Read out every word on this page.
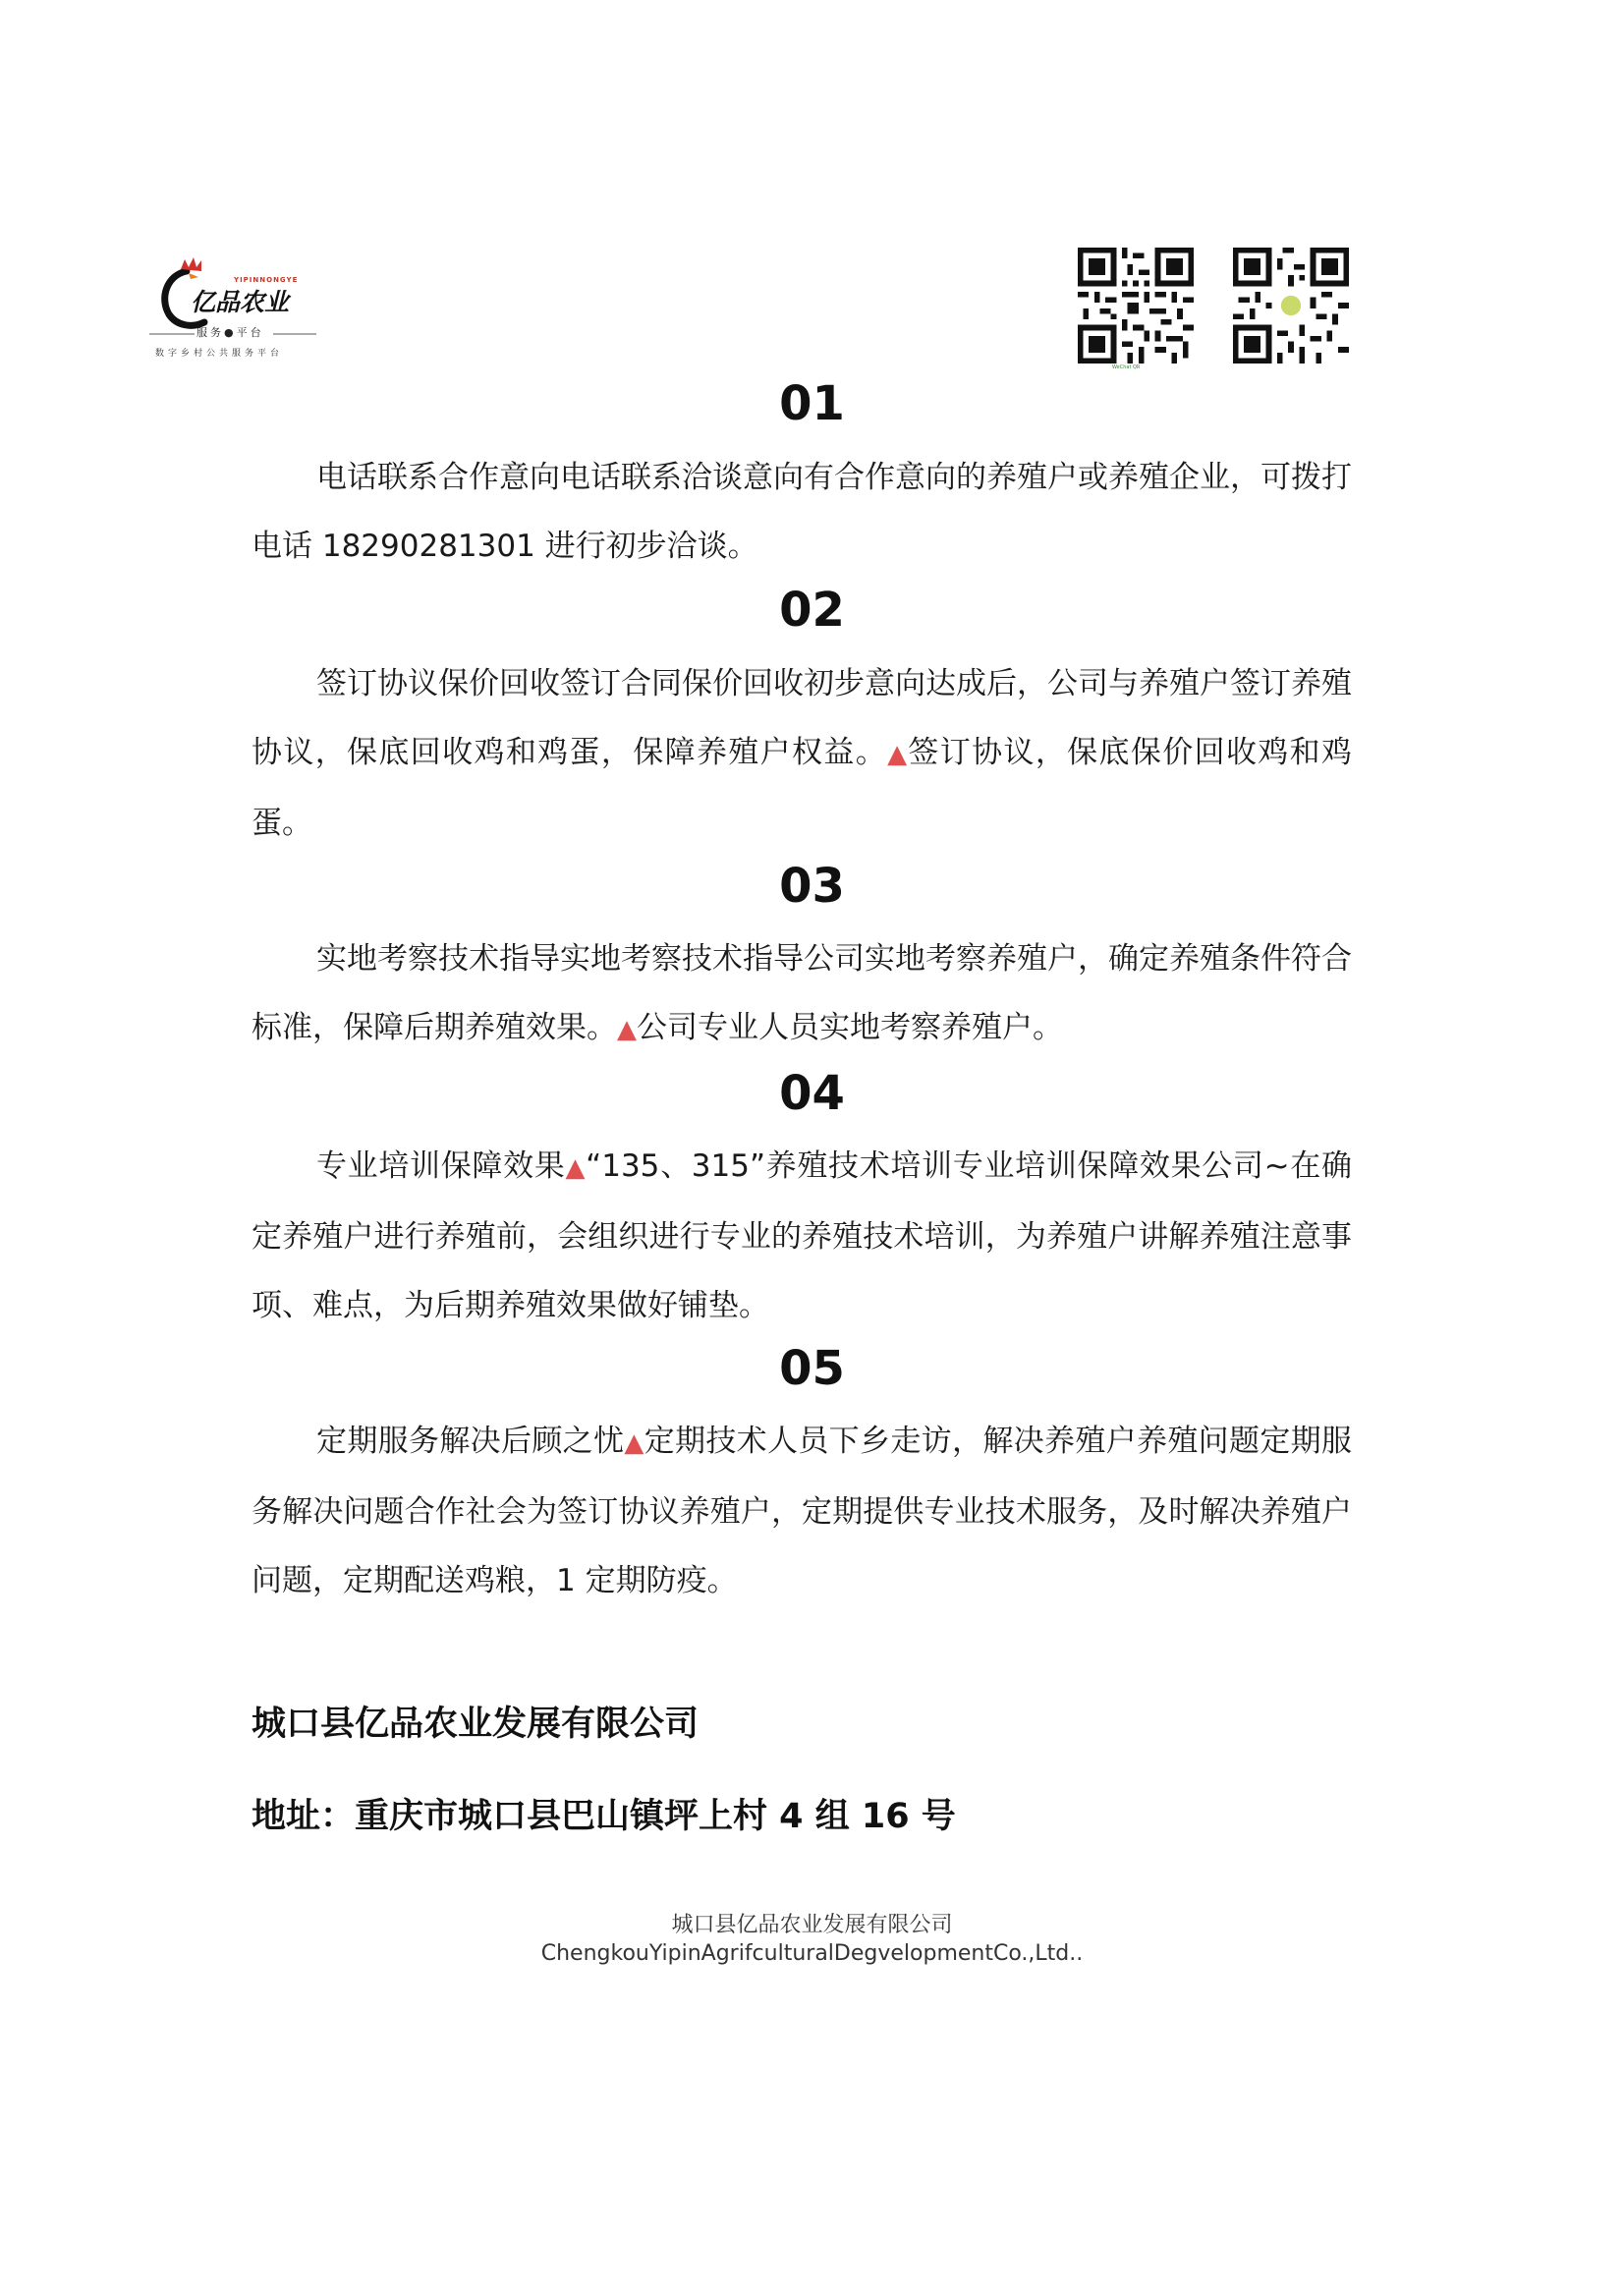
YIPINNONGYE
亿品农业
服务●平台
数字乡村公共服务平台
WeChat QR
01

电话联系合作意向电话联系洽谈意向有合作意向的养殖户或养殖企业，可拨打电话 18290281301 进行初步洽谈。

02

签订协议保价回收签订合同保价回收初步意向达成后，公司与养殖户签订养殖协议，保底回收鸡和鸡蛋，保障养殖户权益。▲签订协议，保底保价回收鸡和鸡蛋。

03

实地考察技术指导实地考察技术指导公司实地考察养殖户，确定养殖条件符合标准，保障后期养殖效果。▲公司专业人员实地考察养殖户。

04

专业培训保障效果▲“135、315”养殖技术培训专业培训保障效果公司~在确定养殖户进行养殖前，会组织进行专业的养殖技术培训，为养殖户讲解养殖注意事项、难点，为后期养殖效果做好铺垫。

05

定期服务解决后顾之忧▲定期技术人员下乡走访，解决养殖户养殖问题定期服务解决问题合作社会为签订协议养殖户，定期提供专业技术服务，及时解决养殖户问题，定期配送鸡粮，1 定期防疫。

城口县亿品农业发展有限公司
地址：重庆市城口县巴山镇坪上村 4 组 16 号
城口县亿品农业发展有限公司
ChengkouYipinAgrifculturalDegvelopmentCo.,Ltd..
